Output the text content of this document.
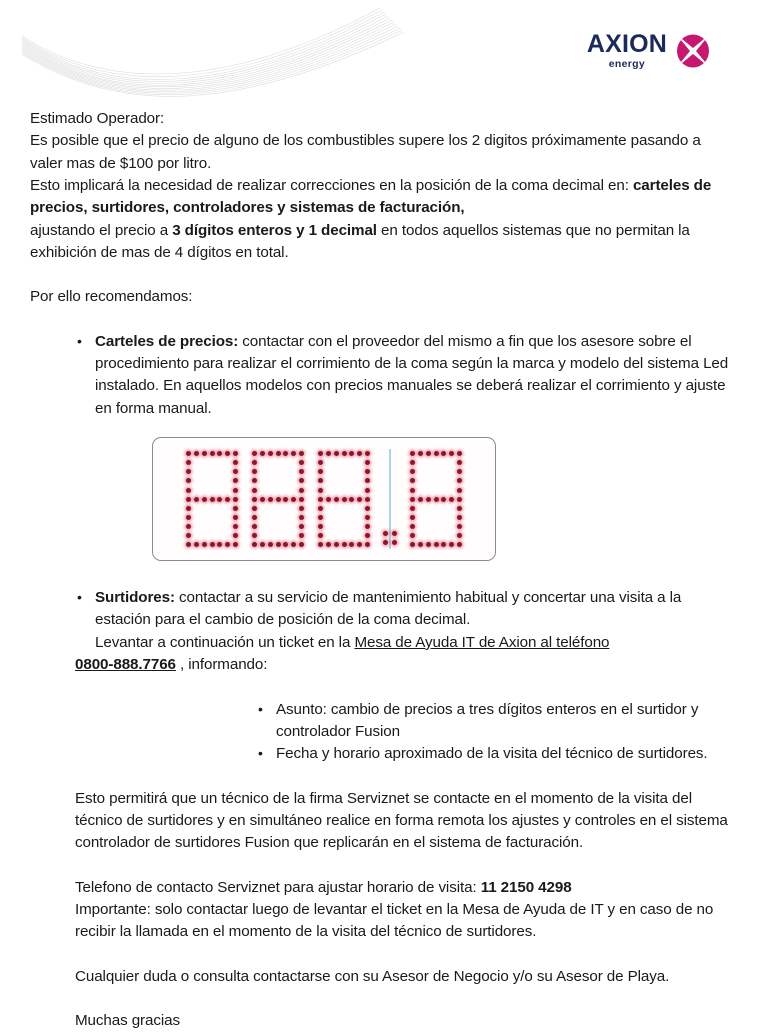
AXION
energy

Estimado Operador:

Es posible que el precio de alguno de los combustibles supere los 2 digitos próximamente pasando a
valer mas de $100 por litro.

Esto implicará la necesidad de realizar correcciones en la posición de la coma decimal en: carteles de precios, surtidores, controladores y sistemas de facturación,

ajustando el precio a 3 dígitos enteros y 1 decimal en todos aquellos sistemas que no permitan la exhibición de mas de 4 dígitos en total.

Por ello recomendamos:

• Carteles de precios: contactar con el proveedor del mismo a fin que los asesore sobre el procedimiento para realizar el corrimiento de la coma según la marca y modelo del sistema Led instalado. En aquellos modelos con precios manuales se deberá realizar el corrimiento y ajuste en forma manual.
• Surtidores: contactar a su servicio de mantenimiento habitual y concertar una visita a la estación para el cambio de posición de la coma decimal.
Levantar a continuación un ticket en la Mesa de Ayuda IT de Axion al teléfono
0800-888.7766 , informando:
• Asunto: cambio de precios a tres dígitos enteros en el surtidor y controlador Fusion
• Fecha y horario aproximado de la visita del técnico de surtidores.
Esto permitirá que un técnico de la firma Serviznet se contacte en el momento de la visita del técnico de surtidores y en simultáneo realice en forma remota los ajustes y controles en el sistema controlador de surtidores Fusion que replicarán en el sistema de facturación.
Telefono de contacto Serviznet para ajustar horario de visita: 11 2150 4298
Importante: solo contactar luego de levantar el ticket en la Mesa de Ayuda de IT y en caso de no recibir la llamada en el momento de la visita del técnico de surtidores.
Cualquier duda o consulta contactarse con su Asesor de Negocio y/o su Asesor de Playa.
Muchas gracias
